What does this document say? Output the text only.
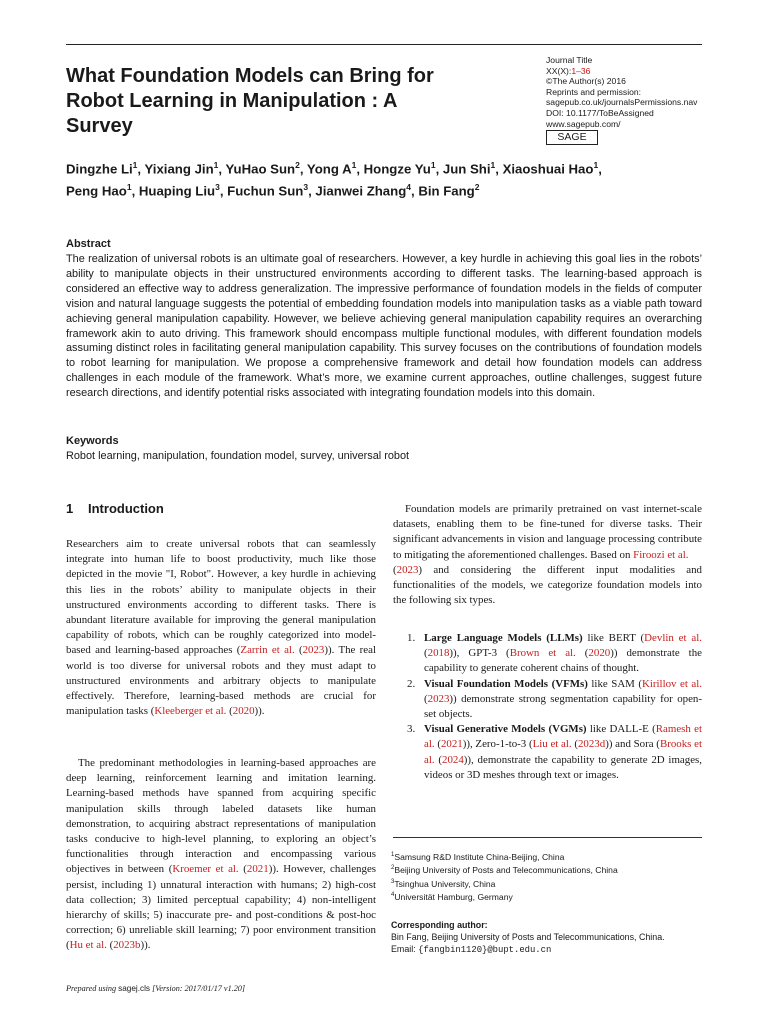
What Foundation Models can Bring for
Robot Learning in Manipulation : A
Survey
Journal Title
XX(X):1–36
©The Author(s) 2016
Reprints and permission:
sagepub.co.uk/journalsPermissions.nav
DOI: 10.1177/ToBeAssigned
www.sagepub.com/
SAGE
Dingzhe Li$^1$, Yixiang Jin$^1$, YuHao Sun$^2$, Yong $A^1$, Hongze Yu$^1$, Jun Shi$^1$, Xiaoshuai Hao$^1$,
Peng Hao$^1$, Huaping Liu$^3$, Fuchun Sun$^3$, Jianwei Zhang$^4$, Bin Fang$^2$
Abstract
The realization of universal robots is an ultimate goal of researchers. However, a key hurdle in achieving this goal lies in the robots’ ability to manipulate objects in their unstructured environments according to different tasks. The learning-based approach is considered an effective way to address generalization. The impressive performance of foundation models in the fields of computer vision and natural language suggests the potential of embedding foundation models into manipulation tasks as a viable path toward achieving general manipulation capability. However, we believe achieving general manipulation capability requires an overarching framework akin to auto driving. This framework should encompass multiple functional modules, with different foundation models assuming distinct roles in facilitating general manipulation capability. This survey focuses on the contributions of foundation models to robot learning for manipulation. We propose a comprehensive framework and detail how foundation models can address challenges in each module of the framework. What’s more, we examine current approaches, outline challenges, suggest future research directions, and identify potential risks associated with integrating foundation models into this domain.
Keywords
Robot learning, manipulation, foundation model, survey, universal robot
1 Introduction

Researchers aim to create universal robots that can seamlessly integrate into human life to boost productivity, much like those depicted in the movie "I, Robot". However, a key hurdle in achieving this lies in the robots’ ability to manipulate objects in their unstructured environments according to different tasks. There is abundant literature available for improving the general manipulation capability of robots, which can be roughly categorized into model-based and learning-based approaches (Zarrin et al. (2023)). The real world is too diverse for universal robots and they must adapt to unstructured environments and arbitrary objects to manipulate effectively. Therefore, learning-based methods are crucial for manipulation tasks (Kleeberger et al. (2020)).

The predominant methodologies in learning-based approaches are deep learning, reinforcement learning and imitation learning. Learning-based methods have spanned from acquiring specific manipulation skills through labeled datasets like human demonstration, to acquiring abstract representations of manipulation tasks conducive to high-level planning, to exploring an object’s functionalities through interaction and encompassing various objectives in between (Kroemer et al. (2021)). However, challenges persist, including 1) unnatural interaction with humans; 2) high-cost data collection; 3) limited perceptual capability; 4) non-intelligent hierarchy of skills; 5) inaccurate pre- and post-conditions & post-hoc correction; 6) unreliable skill learning; 7) poor environment transition (Hu et al. (2023b)).

Foundation models are primarily pretrained on vast internet-scale datasets, enabling them to be fine-tuned for diverse tasks. Their significant advancements in vision and language processing contribute to mitigating the aforementioned challenges. Based on Firoozi et al.
(2023) and considering the different input modalities and functionalities of the models, we categorize foundation models into the following six types.

1. Large Language Models (LLMs) like BERT (Devlin et al. (2018)), GPT-3 (Brown et al. (2020)) demonstrate the capability to generate coherent chains of thought.
2. Visual Foundation Models (VFMs) like SAM (Kirillov et al. (2023)) demonstrate strong segmentation capability for open-set objects.
3. Visual Generative Models (VGMs) like DALL-E (Ramesh et al. (2021)), Zero-1-to-3 (Liu et al. (2023d)) and Sora (Brooks et al. (2024)), demonstrate the capability to generate 2D images, videos or 3D meshes through text or images.
$^1$Samsung R&D Institute China-Beijing, China
$^2$Beijing University of Posts and Telecommunications, China
$^3$Tsinghua University, China
$^4$Universität Hamburg, Germany
Corresponding author:
Bin Fang, Beijing University of Posts and Telecommunications, China.
Email: {fangbin1120}@bupt.edu.cn
Prepared using sagej.cls [Version: 2017/01/17 v1.20]
